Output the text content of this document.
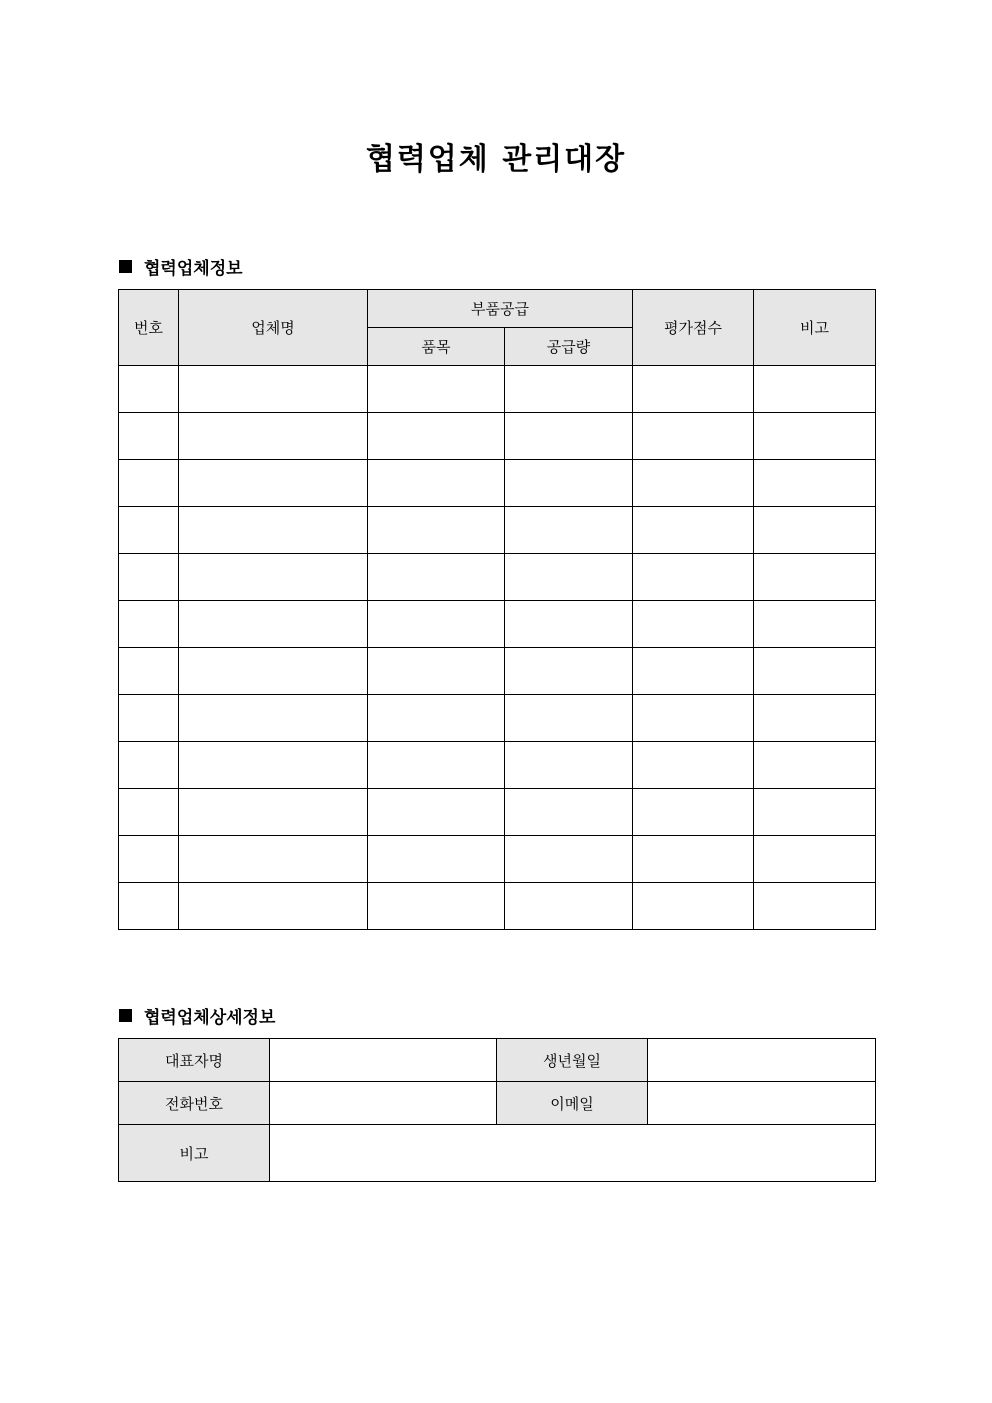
협력업체 관리대장
협력업체정보
번호	업체명	부품공급		평가점수	비고
		품목	공급량		

협력업체상세정보
대표자명		생년월일	
전화번호		이메일	
비고			
